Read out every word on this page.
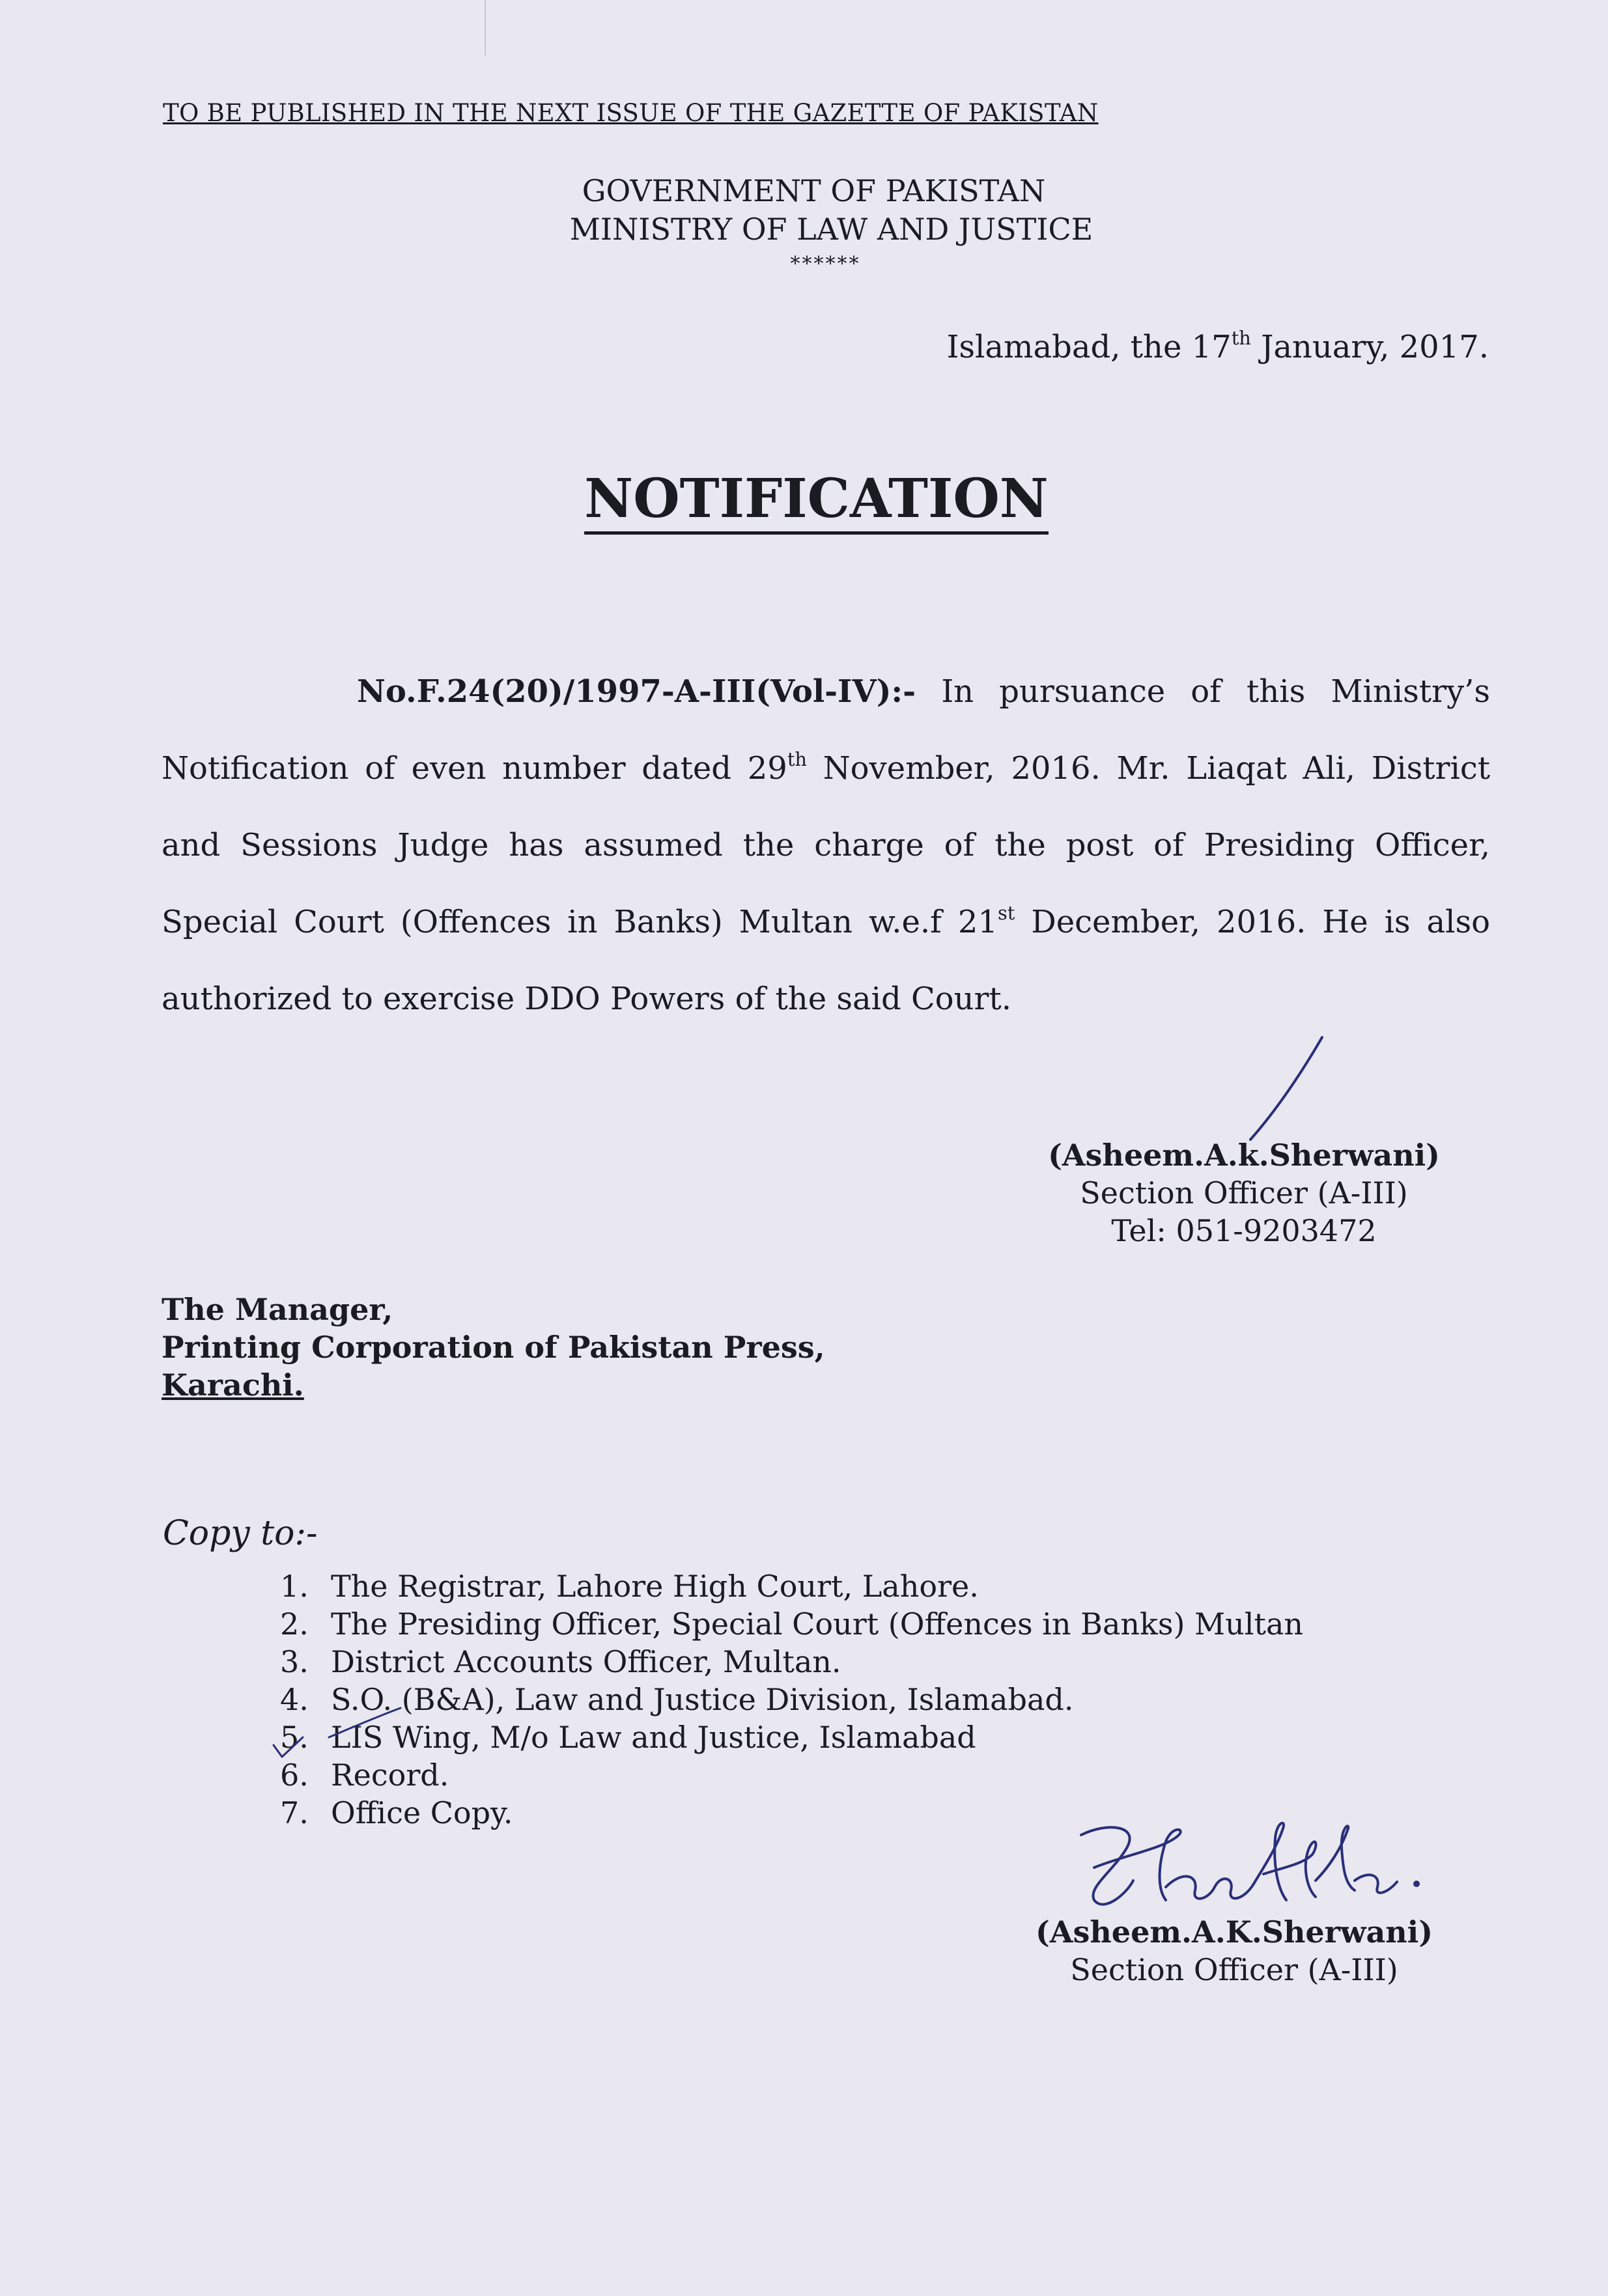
TO BE PUBLISHED IN THE NEXT ISSUE OF THE GAZETTE OF PAKISTAN
GOVERNMENT OF PAKISTAN
MINISTRY OF LAW AND JUSTICE
******
Islamabad, the 17th January, 2017.
NOTIFICATION
No.F.24(20)/1997-A-III(Vol-IV):- In pursuance of this Ministry’s
Notification of even number dated 29th November, 2016. Mr. Liaqat Ali, District
and Sessions Judge has assumed the charge of the post of Presiding Officer,
Special Court (Offences in Banks) Multan w.e.f 21st December, 2016. He is also
authorized to exercise DDO Powers of the said Court.
(Asheem.A.k.Sherwani)
Section Officer (A-III)
Tel: 051-9203472
The Manager,
Printing Corporation of Pakistan Press,
Karachi.
Copy to:-
1. The Registrar, Lahore High Court, Lahore.
2. The Presiding Officer, Special Court (Offences in Banks) Multan
3. District Accounts Officer, Multan.
4. S.O. (B&A), Law and Justice Division, Islamabad.
5. LIS Wing, M/o Law and Justice, Islamabad
6. Record.
7. Office Copy.
(Asheem.A.K.Sherwani)
Section Officer (A-III)
